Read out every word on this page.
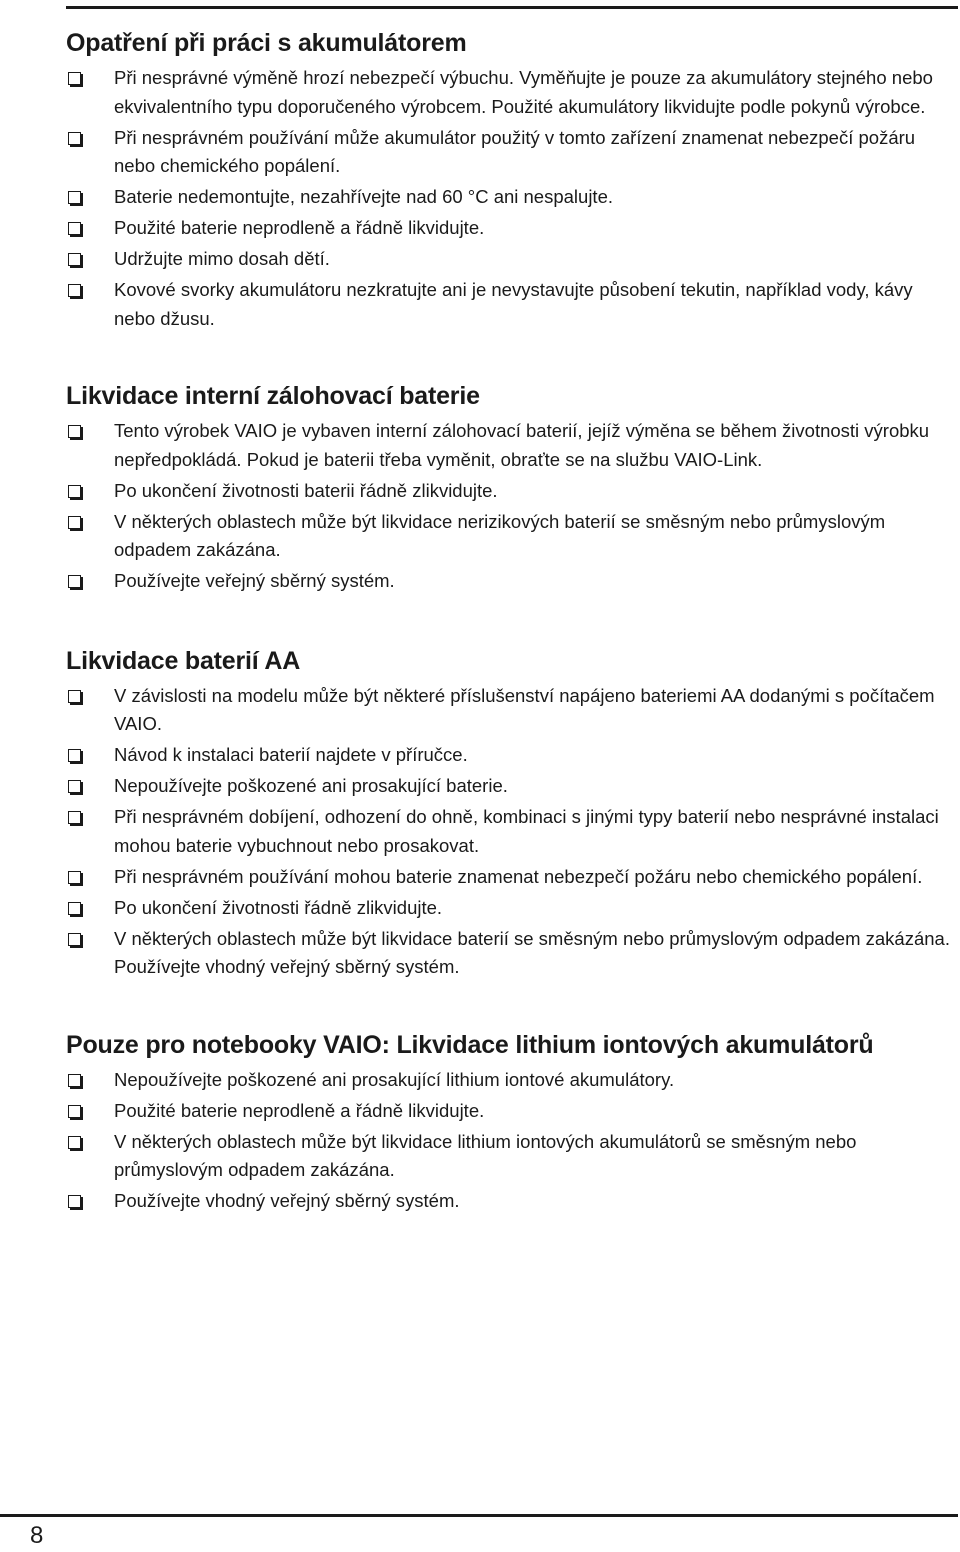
Opatření při práci s akumulátorem
Při nesprávné výměně hrozí nebezpečí výbuchu. Vyměňujte je pouze za akumulátory stejného nebo ekvivalentního typu doporučeného výrobcem. Použité akumulátory likvidujte podle pokynů výrobce.
Při nesprávném používání může akumulátor použitý v tomto zařízení znamenat nebezpečí požáru nebo chemického popálení.
Baterie nedemontujte, nezahřívejte nad 60 °C ani nespalujte.
Použité baterie neprodleně a řádně likvidujte.
Udržujte mimo dosah dětí.
Kovové svorky akumulátoru nezkratujte ani je nevystavujte působení tekutin, například vody, kávy nebo džusu.
Likvidace interní zálohovací baterie
Tento výrobek VAIO je vybaven interní zálohovací baterií, jejíž výměna se během životnosti výrobku nepředpokládá. Pokud je baterii třeba vyměnit, obraťte se na službu VAIO-Link.
Po ukončení životnosti baterii řádně zlikvidujte.
V některých oblastech může být likvidace nerizikových baterií se směsným nebo průmyslovým odpadem zakázána.
Používejte veřejný sběrný systém.
Likvidace baterií AA
V závislosti na modelu může být některé příslušenství napájeno bateriemi AA dodanými s počítačem VAIO.
Návod k instalaci baterií najdete v příručce.
Nepoužívejte poškozené ani prosakující baterie.
Při nesprávném dobíjení, odhození do ohně, kombinaci s jinými typy baterií nebo nesprávné instalaci mohou baterie vybuchnout nebo prosakovat.
Při nesprávném používání mohou baterie znamenat nebezpečí požáru nebo chemického popálení.
Po ukončení životnosti řádně zlikvidujte.
V některých oblastech může být likvidace baterií se směsným nebo průmyslovým odpadem zakázána. Používejte vhodný veřejný sběrný systém.
Pouze pro notebooky VAIO: Likvidace lithium iontových akumulátorů
Nepoužívejte poškozené ani prosakující lithium iontové akumulátory.
Použité baterie neprodleně a řádně likvidujte.
V některých oblastech může být likvidace lithium iontových akumulátorů se směsným nebo průmyslovým odpadem zakázána.
Používejte vhodný veřejný sběrný systém.
8
